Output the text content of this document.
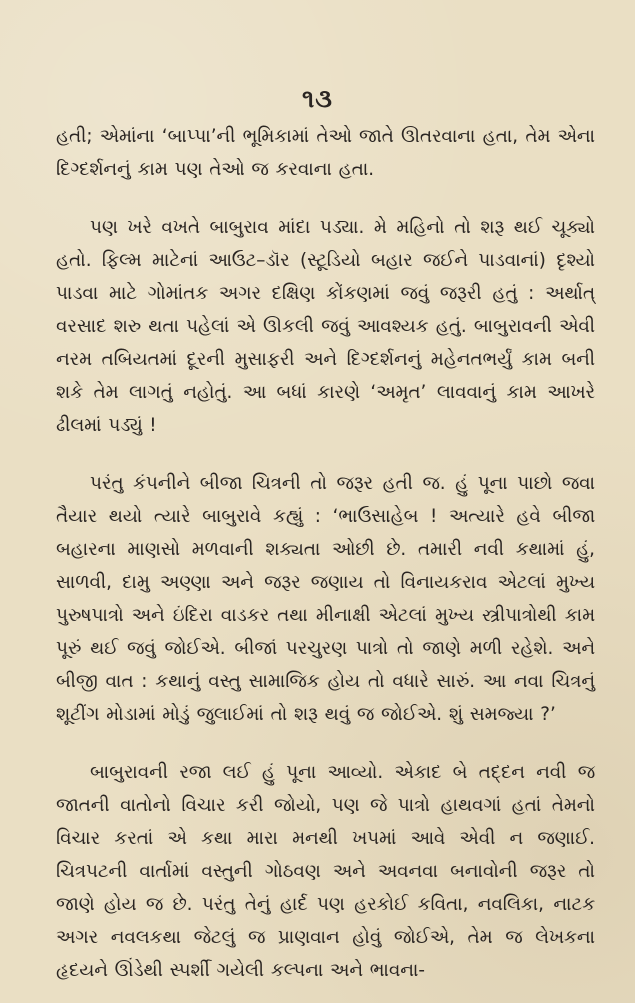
૧૩

હતી; એમાંના ‘બાપ્પા’ની ભૂમિકામાં તેઓ જાતે ઊતરવાના હતા, તેમ એના દિગ્દર્શનનું કામ પણ તેઓ જ કરવાના હતા.

પણ ખરે વખતે બાબુરાવ માંદા પડ્યા. મે મહિનો તો શરૂ થઈ ચૂક્યો હતો. ફિલ્મ માટેનાં આઉટ–ડૉર (સ્ટૂડિયો બહાર જઈને પાડવાનાં) દૃશ્યો પાડવા માટે ગોમાંતક અગર દક્ષિણ કોંકણમાં જવું જરૂરી હતું : અર્થાત્ વરસાદ શરુ થતા પહેલાં એ ઊકલી જવું આવશ્યક હતું. બાબુરાવની એવી નરમ તબિયતમાં દૂરની મુસાફરી અને દિગ્દર્શનનું મહેનતભર્યું કામ બની શકે તેમ લાગતું નહોતું. આ બધાં કારણે ‘અમૃત’ લાવવાનું કામ આખરે ઢીલમાં પડ્યું !

પરંતુ કંપનીને બીજા ચિત્રની તો જરૂર હતી જ. હું પૂના પાછો જવા તૈયાર થયો ત્યારે બાબુરાવે કહ્યું : ‘ભાઉસાહેબ ! અત્યારે હવે બીજા બહારના માણસો મળવાની શક્યતા ઓછી છે. તમારી નવી કથામાં હું, સાળવી, દામુ અણ્ણા અને જરૂર જણાય તો વિનાયકરાવ એટલાં મુખ્ય પુરુષપાત્રો અને ઇંદિરા વાડકર તથા મીનાક્ષી એટલાં મુખ્ય સ્ત્રીપાત્રોથી કામ પૂરું થઈ જવું જોઈએ. બીજાં પરચુરણ પાત્રો તો જાણે મળી રહેશે. અને બીજી વાત : કથાનું વસ્તુ સામાજિક હોય તો વધારે સારું. આ નવા ચિત્રનું શૂટીંગ મોડામાં મોડું જુલાઈમાં તો શરૂ થવું જ જોઈએ. શું સમજ્યા ?’

બાબુરાવની રજા લઈ હું પૂના આવ્યો. એકાદ બે તદ્દન નવી જ જાતની વાતોનો વિચાર કરી જોયો, પણ જે પાત્રો હાથવગાં હતાં તેમનો વિચાર કરતાં એ કથા મારા મનથી ખપમાં આવે એવી ન જણાઈ. ચિત્રપટની વાર્તામાં વસ્તુની ગોઠવણ અને અવનવા બનાવોની જરૂર તો જાણે હોય જ છે. પરંતુ તેનું હાર્દ પણ હરકોઈ કવિતા, નવલિકા, નાટક અગર નવલકથા જેટલું જ પ્રાણવાન હોવું જોઈએ, તેમ જ લેખકના હૃદયને ઊંડેથી સ્પર્શી ગયેલી કલ્પના અને ભાવના-
